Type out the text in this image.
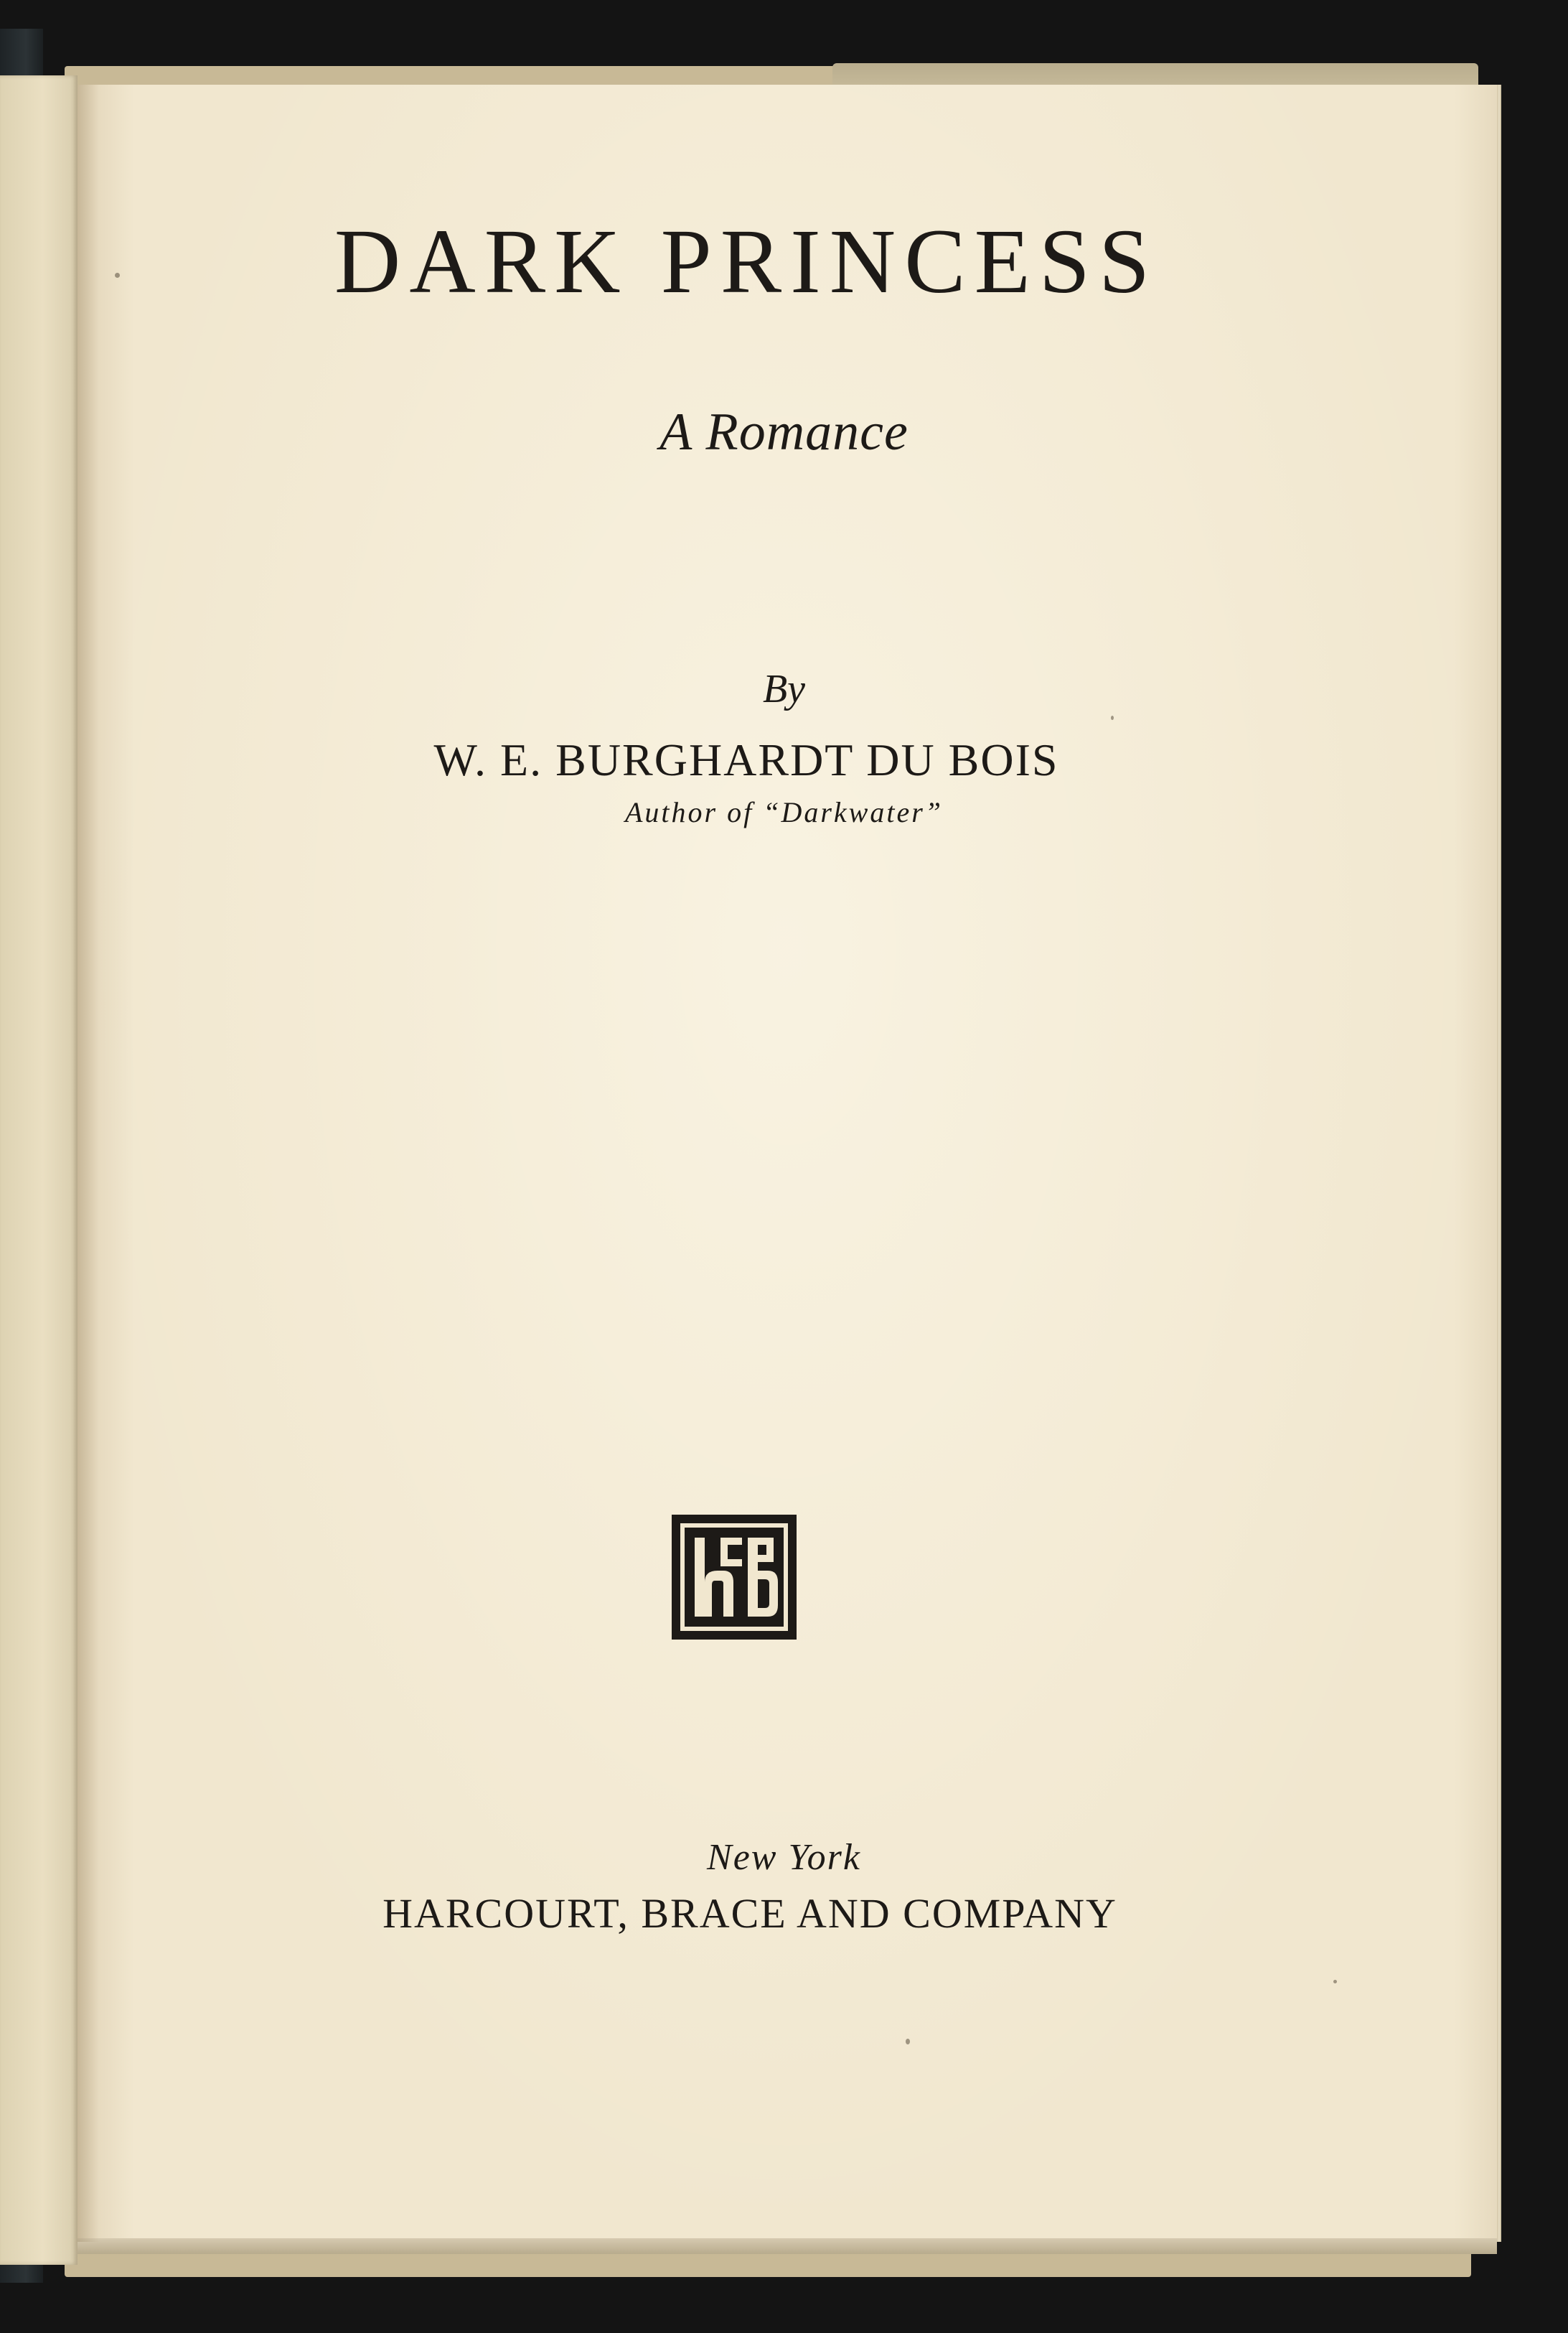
DARK PRINCESS
A Romance
By
W. E. BURGHARDT DU BOIS
Author of “Darkwater”
New York
HARCOURT, BRACE AND COMPANY
